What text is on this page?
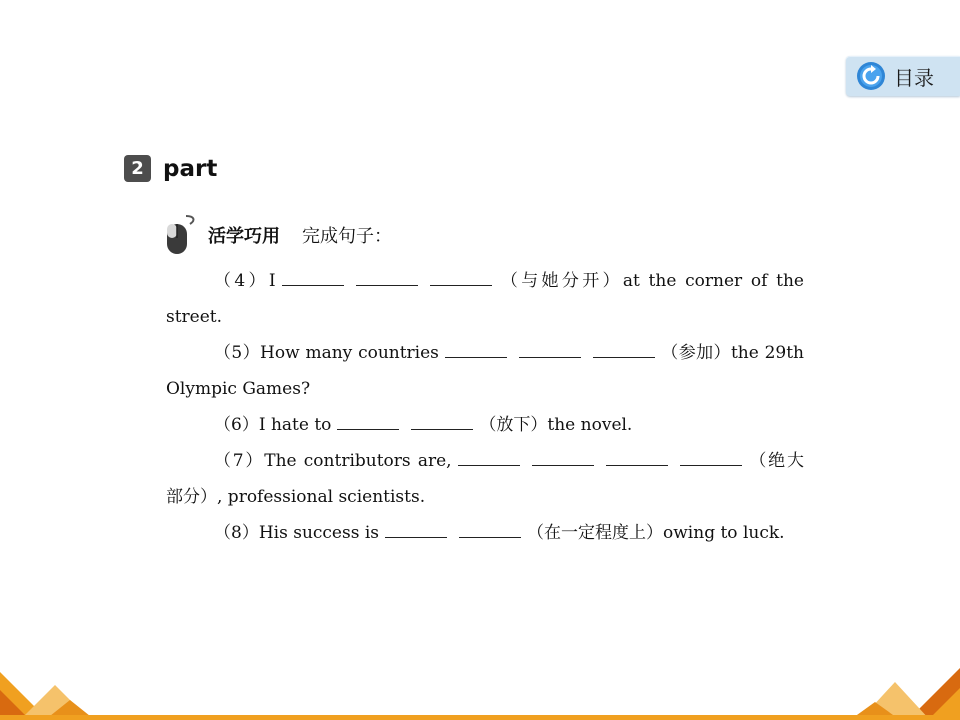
目录
2 part
活学巧用 完成句子：

（4）I	（与她分开）at the corner of the street.

（5）How many countries	（参加）the 29th Olympic Games?

（6）I hate to	（放下）the novel.

（7）The contributors are,	（绝大部分）, professional scientists.

（8）His success is	（在一定程度上）owing to luck.
